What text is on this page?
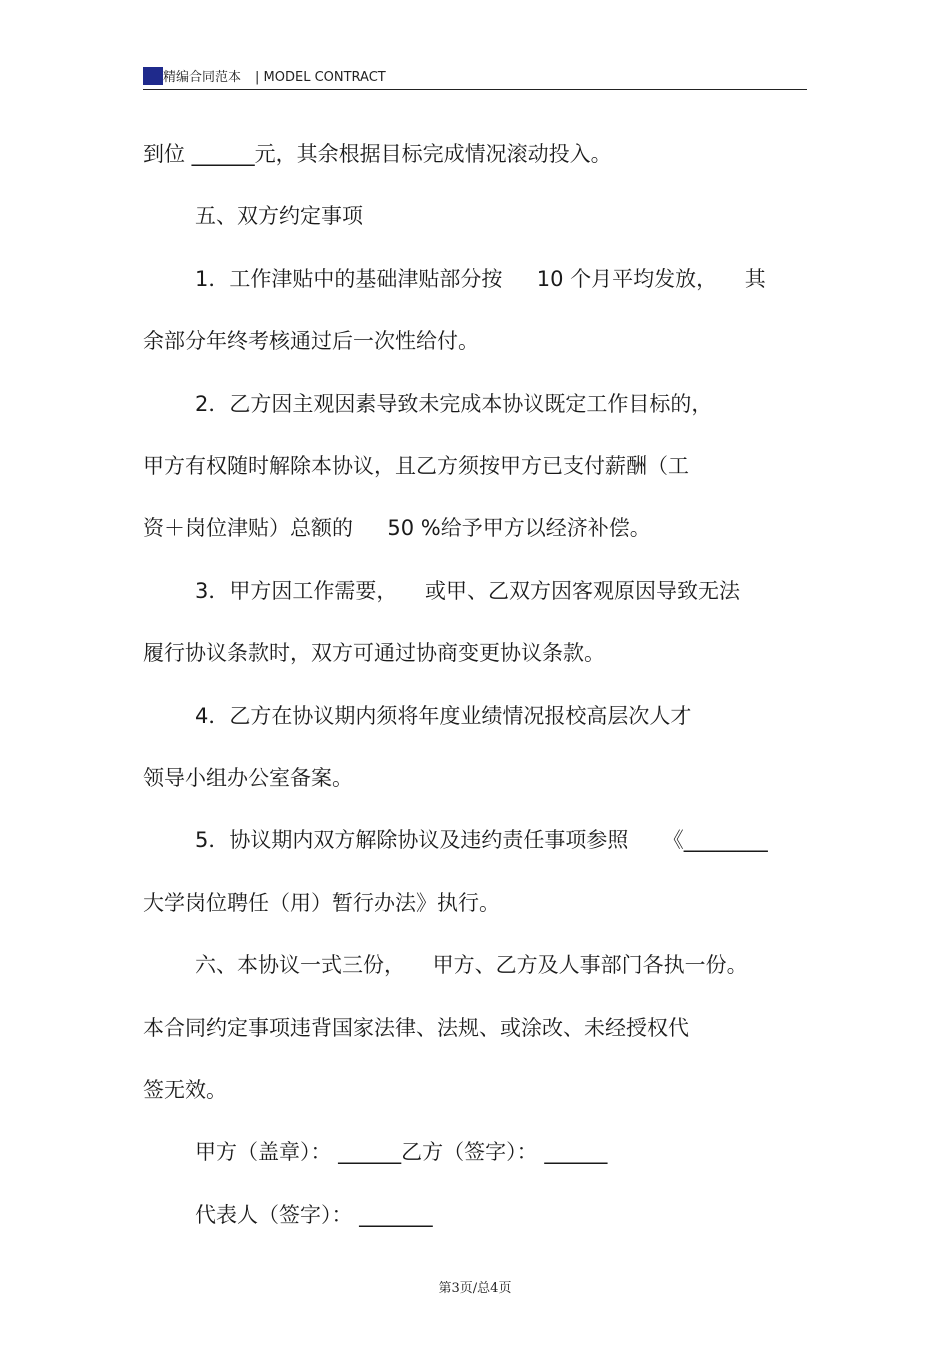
精编合同范本 | MODEL CONTRACT
到位 ______元，其余根据目标完成情况滚动投入。
五、双方约定事项
1．工作津贴中的基础津贴部分按 　 10 个月平均发放， 　其
余部分年终考核通过后一次性给付。
2．乙方因主观因素导致未完成本协议既定工作目标的，
甲方有权随时解除本协议，且乙方须按甲方已支付薪酬（工
资＋岗位津贴）总额的 　 50 %给予甲方以经济补偿。
3．甲方因工作需要， 　或甲、乙双方因客观原因导致无法
履行协议条款时，双方可通过协商变更协议条款。
4．乙方在协议期内须将年度业绩情况报校高层次人才
领导小组办公室备案。
5．协议期内双方解除协议及违约责任事项参照 　 《________
大学岗位聘任（用）暂行办法》执行。
六、本协议一式三份， 　甲方、乙方及人事部门各执一份。
本合同约定事项违背国家法律、法规、或涂改、未经授权代
签无效。
甲方（盖章）： ______乙方（签字）： ______
代表人（签字）： _______
第3页/总4页
